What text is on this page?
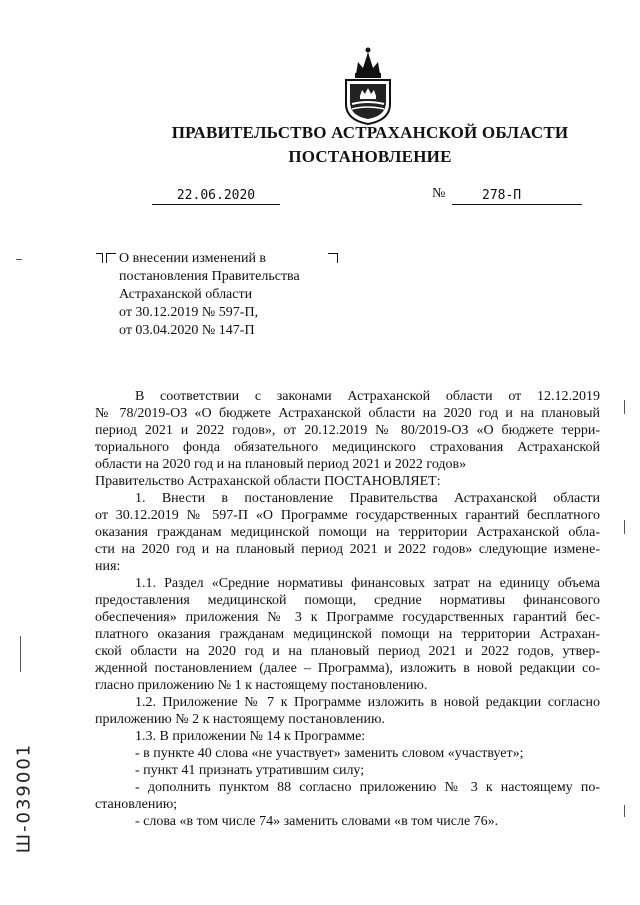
ПРАВИТЕЛЬСТВО АСТРАХАНСКОЙ ОБЛАСТИ
ПОСТАНОВЛЕНИЕ
22.06.2020	№	278-П
О внесении изменений в
постановления Правительства
Астраханской области
от 30.12.2019 № 597-П,
от 03.04.2020 № 147-П
В соответствии с законами Астраханской области от 12.12.2019
№ 78/2019-ОЗ «О бюджете Астраханской области на 2020 год и на плановый
период 2021 и 2022 годов», от 20.12.2019 № 80/2019-ОЗ «О бюджете терри-
ториального фонда обязательного медицинского страхования Астраханской
области на 2020 год и на плановый период 2021 и 2022 годов»
Правительство Астраханской области ПОСТАНОВЛЯЕТ:
1. Внести в постановление Правительства Астраханской области
от 30.12.2019 № 597-П «О Программе государственных гарантий бесплатного
оказания гражданам медицинской помощи на территории Астраханской обла-
сти на 2020 год и на плановый период 2021 и 2022 годов» следующие измене-
ния:
1.1. Раздел «Средние нормативы финансовых затрат на единицу объема
предоставления медицинской помощи, средние нормативы финансового
обеспечения» приложения № 3 к Программе государственных гарантий бес-
платного оказания гражданам медицинской помощи на территории Астрахан-
ской области на 2020 год и на плановый период 2021 и 2022 годов, утвер-
жденной постановлением (далее – Программа), изложить в новой редакции со-
гласно приложению № 1 к настоящему постановлению.
1.2. Приложение № 7 к Программе изложить в новой редакции согласно
приложению № 2 к настоящему постановлению.
1.3. В приложении № 14 к Программе:
- в пункте 40 слова «не участвует» заменить словом «участвует»;
- пункт 41 признать утратившим силу;
- дополнить пунктом 88 согласно приложению № 3 к настоящему по-
становлению;
- слова «в том числе 74» заменить словами «в том числе 76».
Ш-039001
